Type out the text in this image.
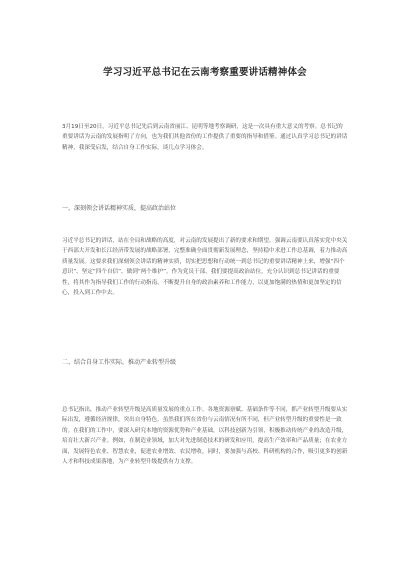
学习习近平总书记在云南考察重要讲话精神体会
3月19日至20日，习近平总书记先后到云南省丽江、昆明等地考察调研，这是一次具有重大意义的考察。总书记的重要讲话为云南的发展指明了方向，也为我们其他省份的工作提供了重要的指导和借鉴。通过认真学习总书记的讲话精神，我深受启发，结合自身工作实际，谈几点学习体会。
一、深刻领会讲话精神实质，提高政治站位
习近平总书记的讲话，站在全局和战略的高度，对云南的发展提出了新的要求和期望。强调云南要认真落实党中央关于西部大开发和长江经济带发展的战略部署，完整准确全面贯彻新发展理念，坚持稳中求进工作总基调，着力推动高质量发展。这要求我们深刻领会讲话的精神实质，切实把思想和行动统一到总书记的重要讲话精神上来，增强“四个意识”、坚定“四个自信”、做到“两个维护”。作为党员干部，我们要提高政治站位，充分认识到总书记讲话的重要性，将其作为指导我们工作的行动指南，不断提升自身的政治素养和工作能力，以更加饱满的热情和更加坚定的信心，投入到工作中去。
二、结合自身工作实际，推动产业转型升级
总书记指出，推动产业转型升级是高质量发展的重点工作。各地资源禀赋、基础条件等不同，抓产业转型升级要从实际出发，遵循经济规律，突出自身特色。虽然我们所在省份与云南情况有所不同，但产业转型升级的重要性是一致的。在我们的工作中，要深入研究本地的资源优势和产业基础，以科技创新为引领，积极推动传统产业的改造升级，培育壮大新兴产业。例如，在制造业领域，加大对先进制造技术的研发和应用，提高生产效率和产品质量；在农业方面，发展特色农业、智慧农业，促进农业增效、农民增收。同时，要加强与高校、科研机构的合作，吸引更多的创新人才和科技成果落地，为产业转型升级提供有力支撑。
